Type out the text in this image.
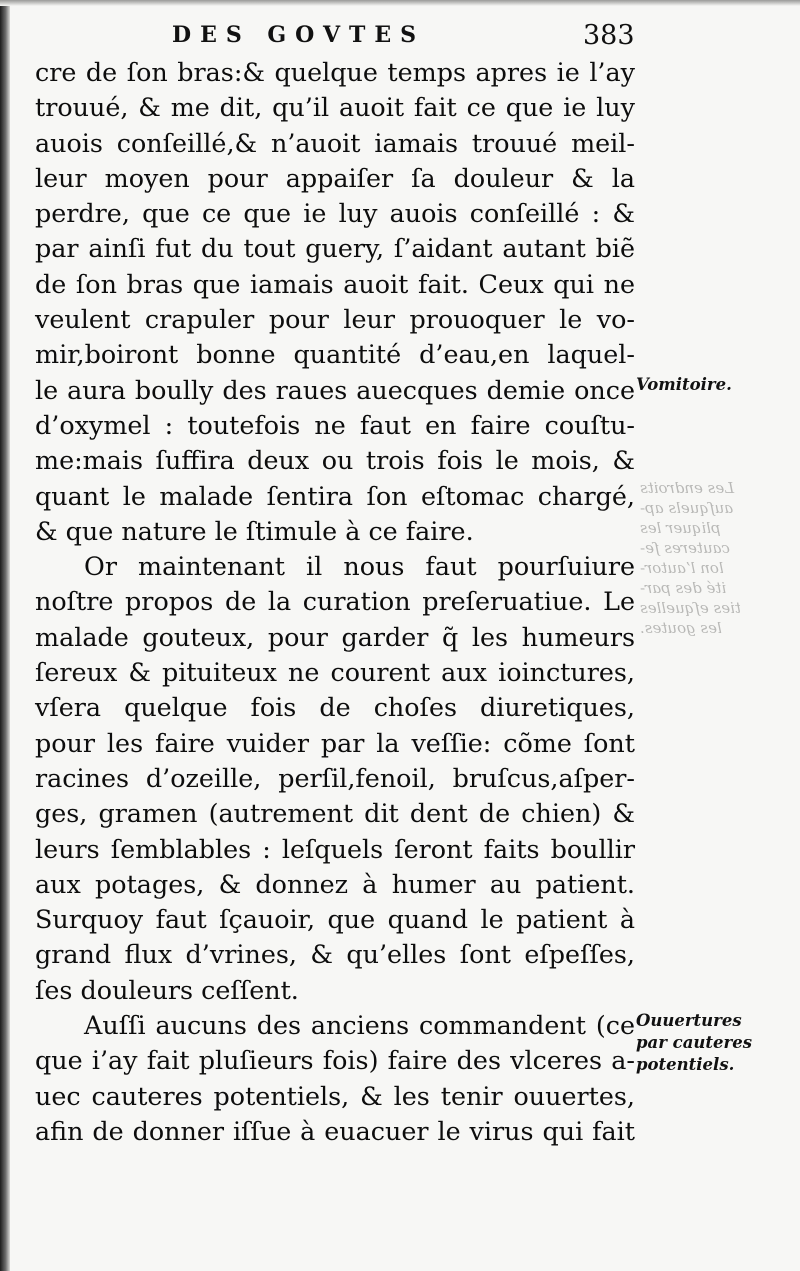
DES GOVTES	383
Les endroits
auſquels ap-
pliquer les
cauteres ſe-
lon l’autor-
ité des par-
ties eſquelles
les goutes.
cre de ſon bras:& quelque temps apres ie l’ay
trouué, & me dit, qu’il auoit fait ce que ie luy
auois conſeillé,& n’auoit iamais trouué meil-
leur moyen pour appaiſer ſa douleur & la
perdre, que ce que ie luy auois conſeillé : &
par ainſi fut du tout guery, ſ’aidant autant biẽ
de ſon bras que iamais auoit fait. Ceux qui ne
veulent crapuler pour leur prouoquer le vo-
mir,boiront bonne quantité d’eau,en laquel-
le aura boully des raues auecques demie once
d’oxymel : toutefois ne faut en faire couſtu-
me:mais ſuffira deux ou trois fois le mois, &
quant le malade ſentira ſon eſtomac chargé,
& que nature le ſtimule à ce faire.
Or maintenant il nous faut pourſuiure
noſtre propos de la curation preſeruatiue. Le
malade gouteux, pour garder q̃ les humeurs
ſereux & pituiteux ne courent aux ioinctures,
vſera quelque fois de choſes diuretiques,
pour les faire vuider par la veſſie: cõme ſont
racines d’ozeille, perſil,fenoil, bruſcus,aſper-
ges, gramen (autrement dit dent de chien) &
leurs ſemblables : leſquels ſeront faits boullir
aux potages, & donnez à humer au patient.
Surquoy faut ſçauoir, que quand le patient à
grand flux d’vrines, & qu’elles ſont eſpeſſes,
ſes douleurs ceſſent.
Auſſi aucuns des anciens commandent (ce
que i’ay fait pluſieurs fois) faire des vlceres a-
uec cauteres potentiels, & les tenir ouuertes,
afin de donner iſſue à euacuer le virus qui fait
Vomitoire.
Ouuertures
par cauteres
potentiels.
